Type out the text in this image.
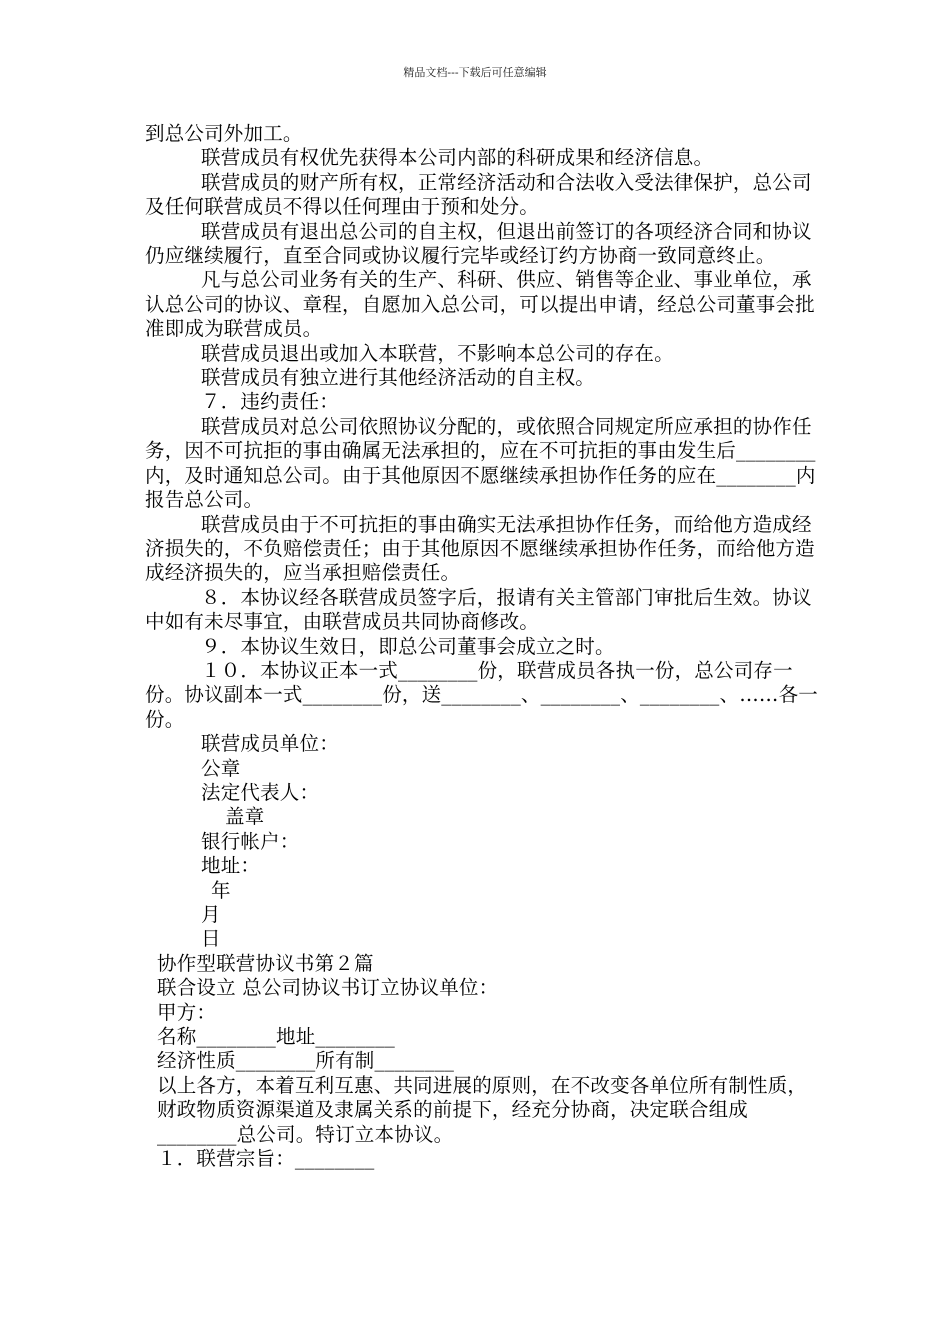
精品文档---下载后可任意编辑

到总公司外加工。

联营成员有权优先获得本公司内部的科研成果和经济信息。

联营成员的财产所有权，正常经济活动和合法收入受法律保护，总公司及任何联营成员不得以任何理由于预和处分。

联营成员有退出总公司的自主权，但退出前签订的各项经济合同和协议仍应继续履行，直至合同或协议履行完毕或经订约方协商一致同意终止。

凡与总公司业务有关的生产、科研、供应、销售等企业、事业单位，承认总公司的协议、章程，自愿加入总公司，可以提出申请，经总公司董事会批准即成为联营成员。

联营成员退出或加入本联营，不影响本总公司的存在。

联营成员有独立进行其他经济活动的自主权。

７．违约责任：

联营成员对总公司依照协议分配的，或依照合同规定所应承担的协作任务，因不可抗拒的事由确属无法承担的，应在不可抗拒的事由发生后________内，及时通知总公司。由于其他原因不愿继续承担协作任务的应在________内报告总公司。

联营成员由于不可抗拒的事由确实无法承担协作任务，而给他方造成经济损失的，不负赔偿责任；由于其他原因不愿继续承担协作任务，而给他方造成经济损失的，应当承担赔偿责任。

８．本协议经各联营成员签字后，报请有关主管部门审批后生效。协议中如有未尽事宜，由联营成员共同协商修改。

９．本协议生效日，即总公司董事会成立之时。

１０．本协议正本一式________份，联营成员各执一份，总公司存一份。协议副本一式________份，送________、________、________、……各一份。

联营成员单位：

公章

法定代表人：

盖章

银行帐户：

地址：

年

月

日

协作型联营协议书第２篇

联合设立 总公司协议书订立协议单位：

甲方：

名称________地址________

经济性质________所有制________

以上各方，本着互利互惠、共同进展的原则，在不改变各单位所有制性质，财政物质资源渠道及隶属关系的前提下，经充分协商，决定联合组成________总公司。特订立本协议。

１．联营宗旨：________
